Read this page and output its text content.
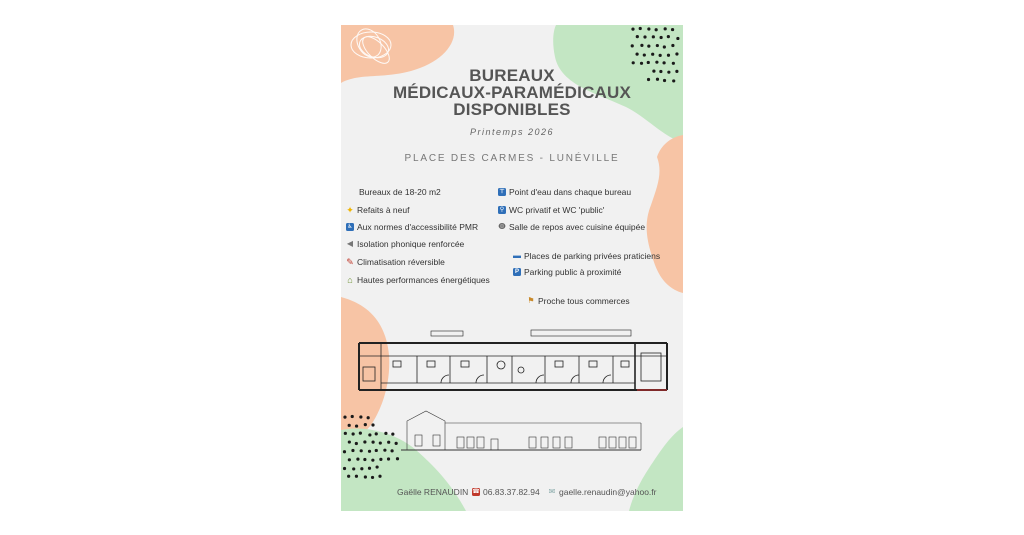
BUREAUX
MÉDICAUX-PARAMÉDICAUX
DISPONIBLES
Printemps 2026
PLACE DES CARMES - LUNÉVILLE
Bureaux de 18-20 m2
✦ Refaits à neuf
♿ Aux normes d'accessibilité PMR
◀ Isolation phonique renforcée
✎ Climatisation réversible
⌂ Hautes performances énergétiques
⊤ Point d'eau dans chaque bureau
⚲ WC privatif et WC 'public'
ⴲ Salle de repos avec cuisine équipée
▬ Places de parking privées praticiens
P Parking public à proximité
⚑ Proche tous commerces
Gaëlle RENAUDIN ☎ 06.83.37.82.94 ✉ gaelle.renaudin@yahoo.fr
